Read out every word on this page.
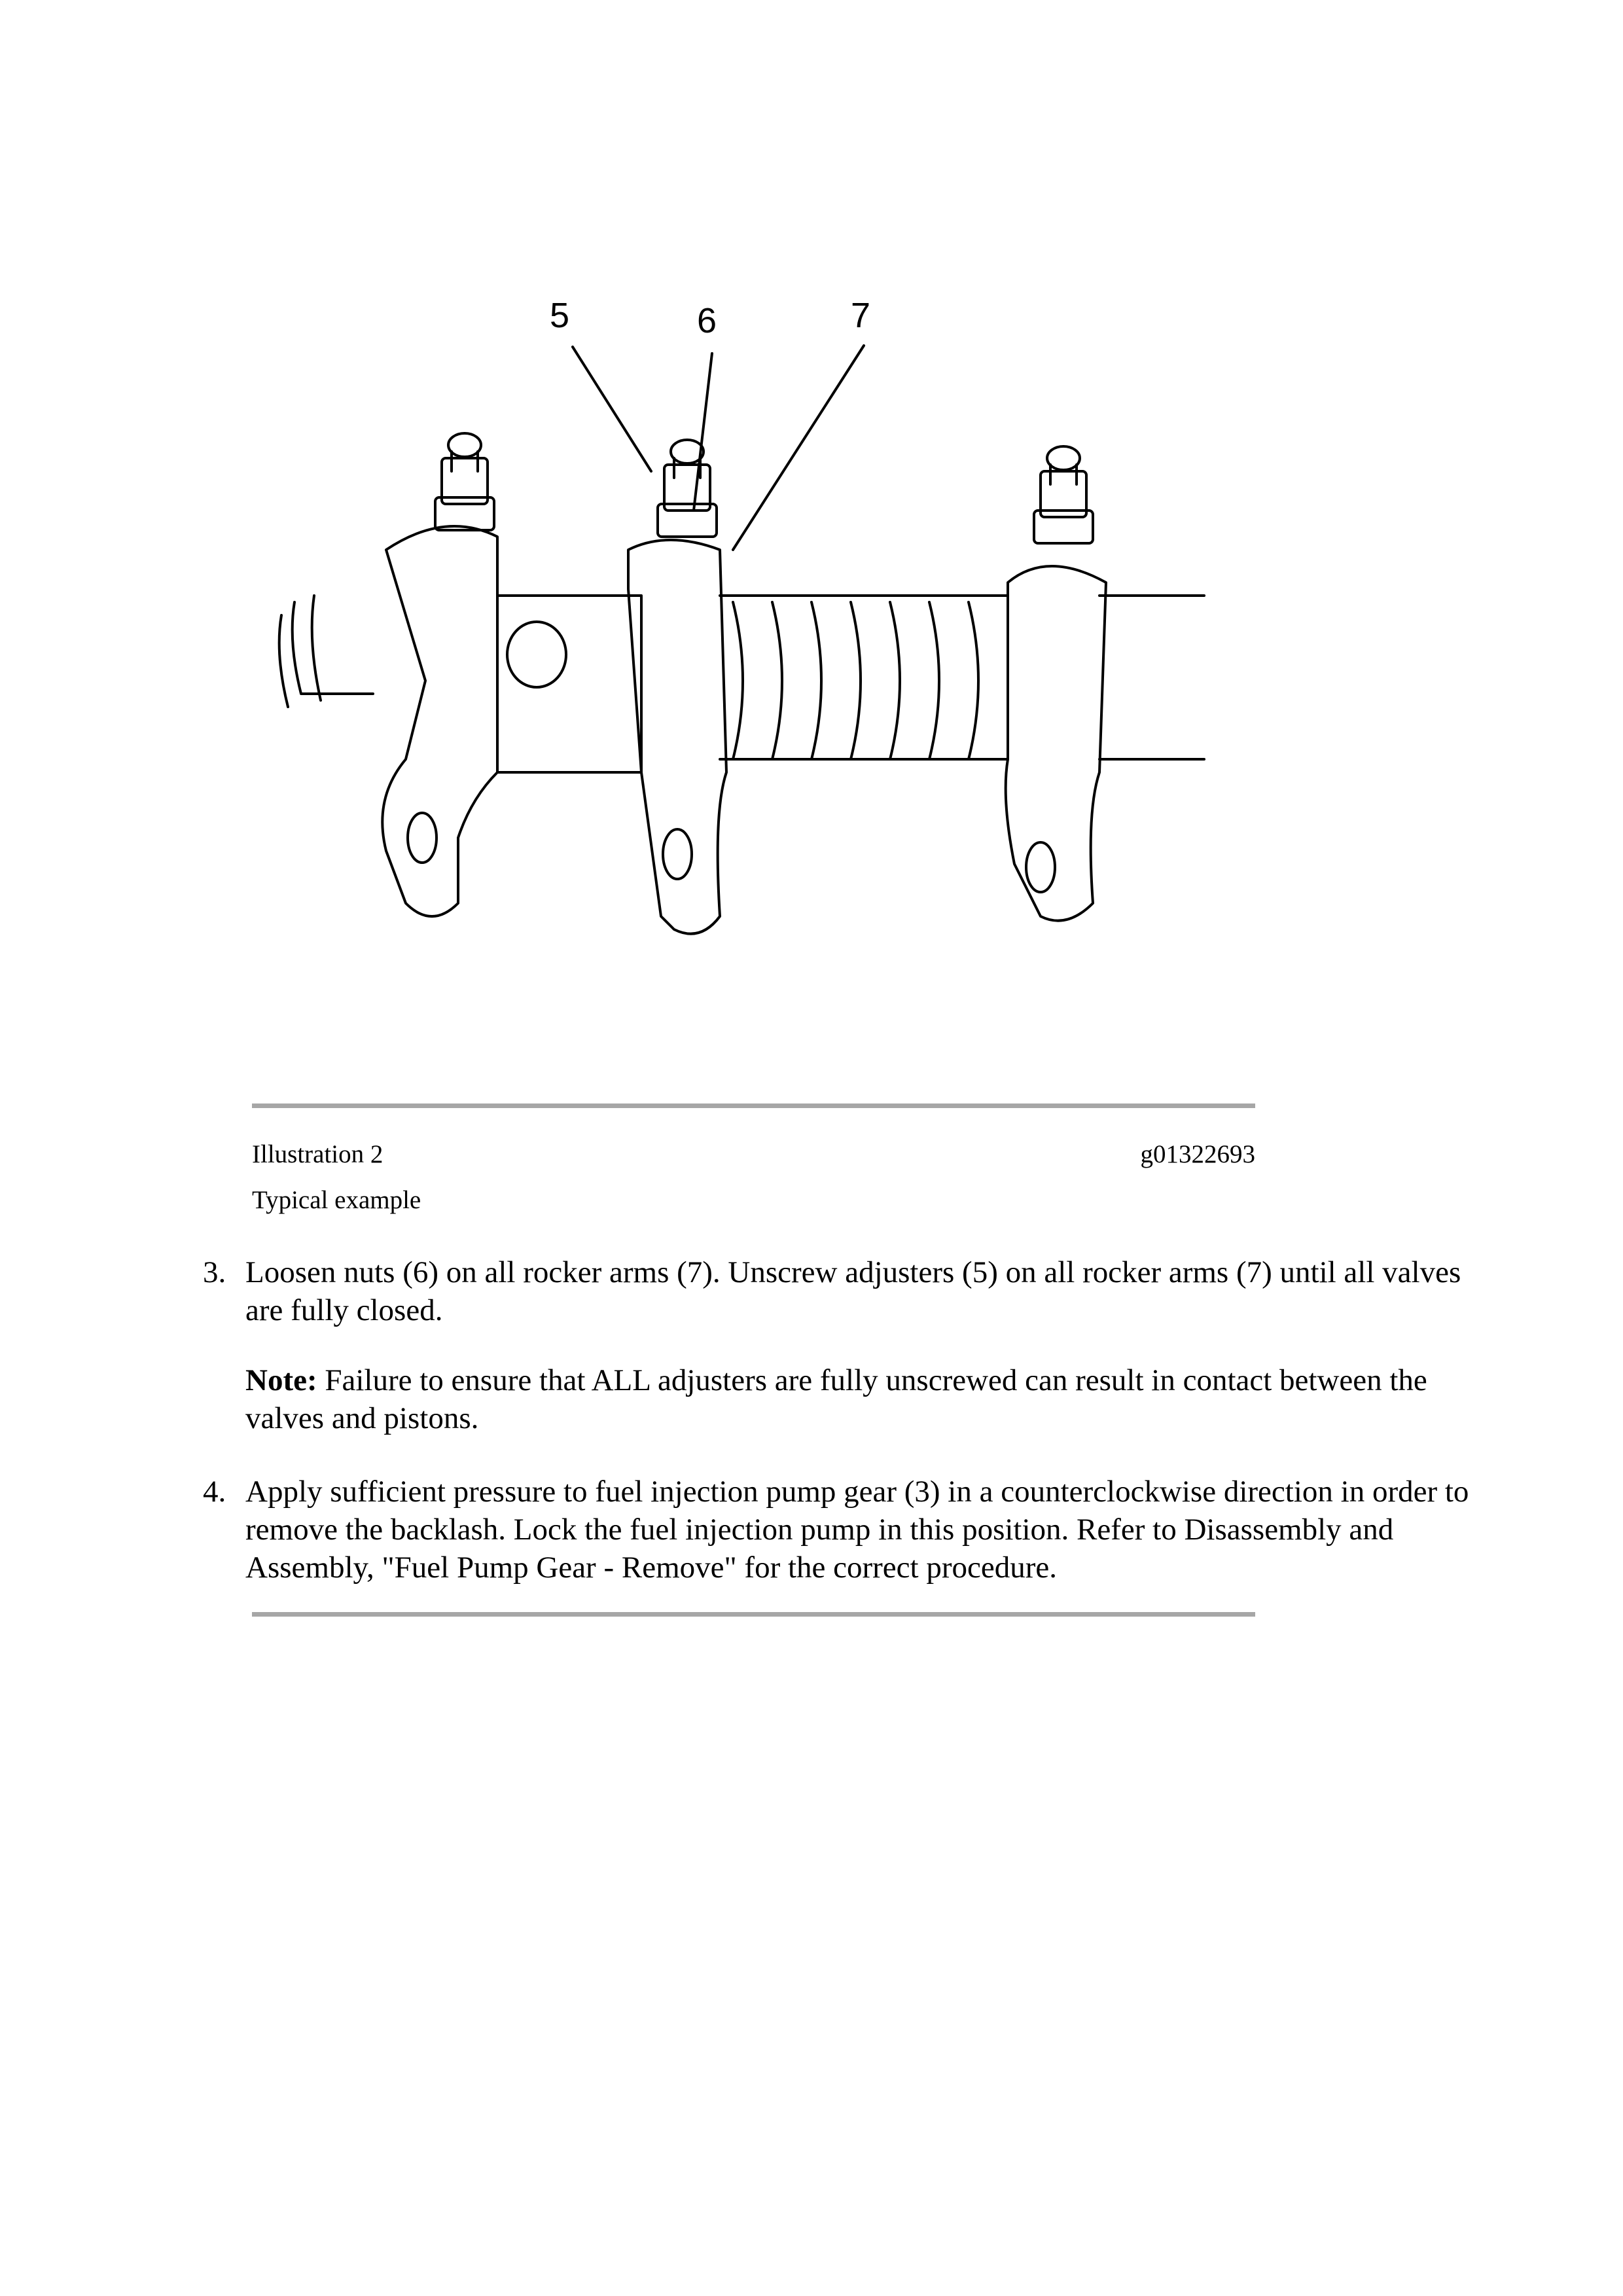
5	6	7
Illustration 2	g01322693
Typical example
3. Loosen nuts (6) on all rocker arms (7). Unscrew adjusters (5) on all rocker arms (7) until all valves are fully closed.
Note: Failure to ensure that ALL adjusters are fully unscrewed can result in contact between the valves and pistons.
4. Apply sufficient pressure to fuel injection pump gear (3) in a counterclockwise direction in order to remove the backlash. Lock the fuel injection pump in this position. Refer to Disassembly and Assembly, "Fuel Pump Gear - Remove" for the correct procedure.
